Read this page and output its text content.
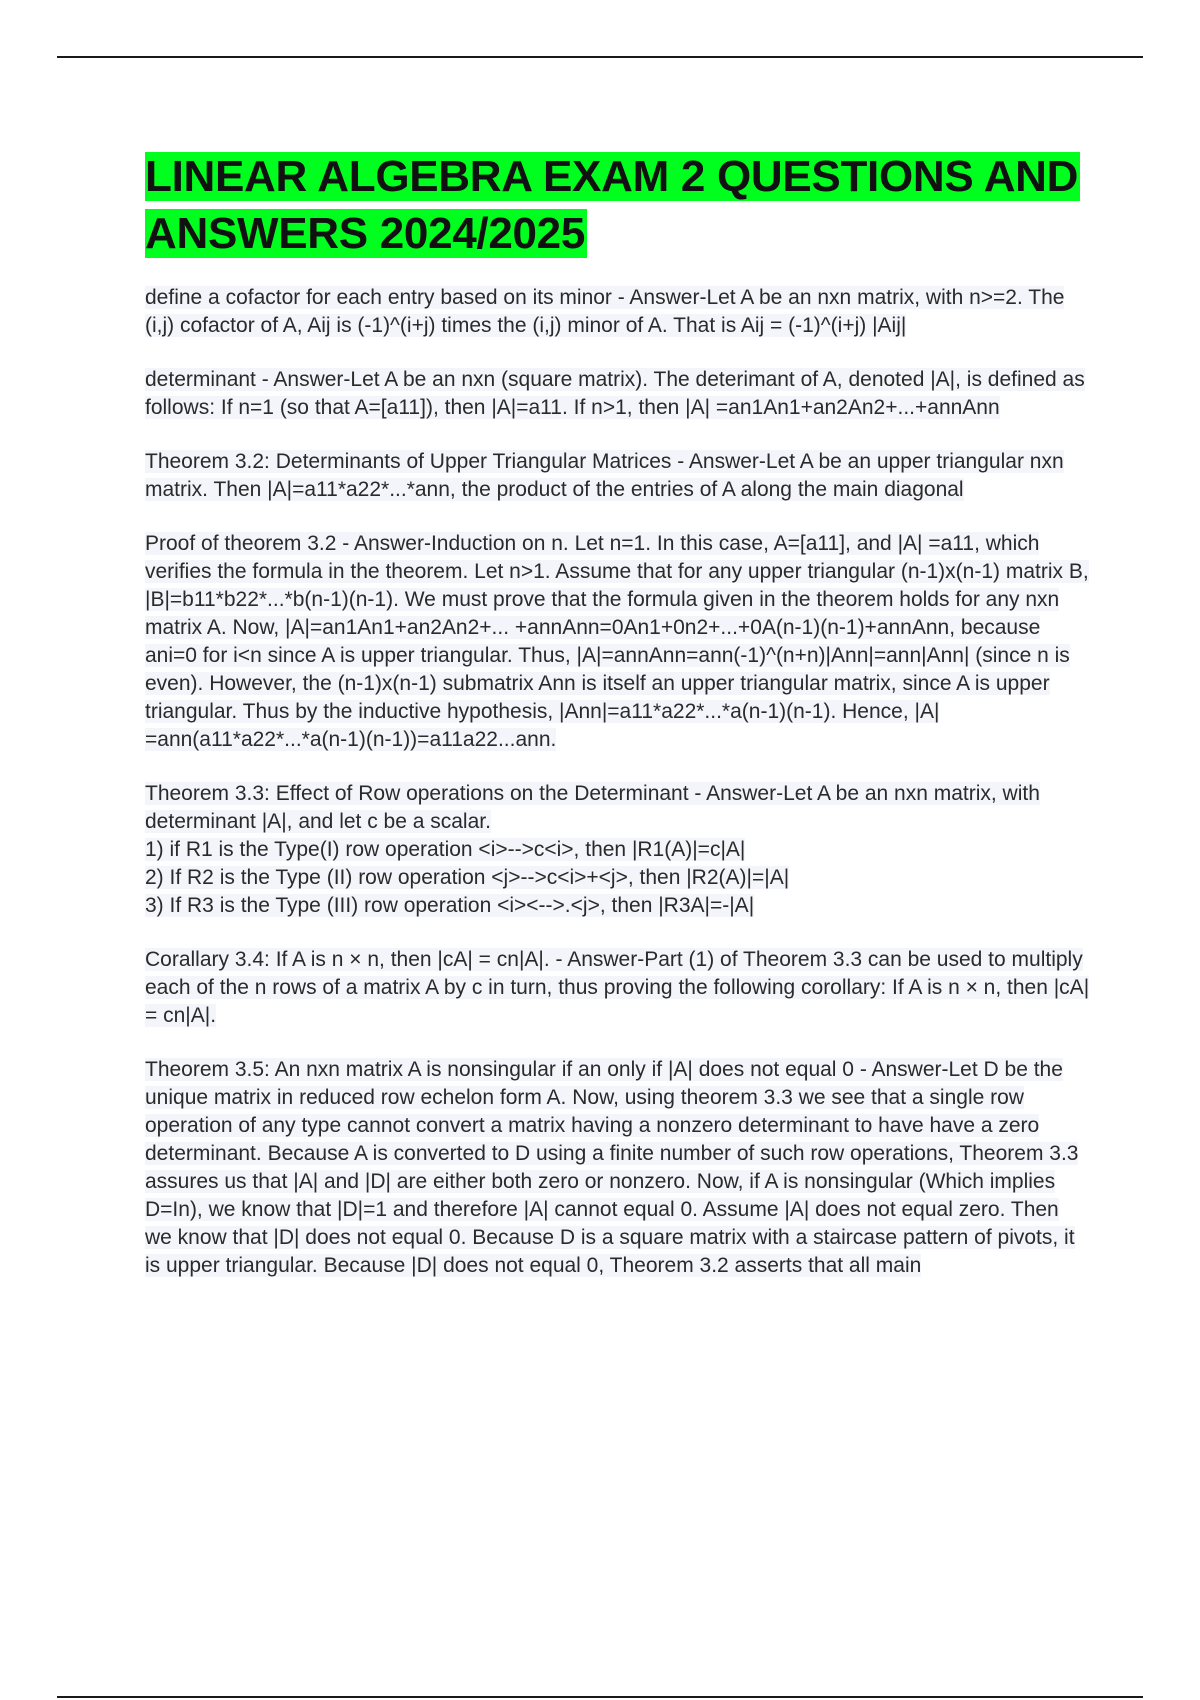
LINEAR ALGEBRA EXAM 2 QUESTIONS AND ANSWERS 2024/2025

define a cofactor for each entry based on its minor - Answer-Let A be an nxn matrix, with n>=2. The (i,j) cofactor of A, Aij is (-1)^(i+j) times the (i,j) minor of A. That is Aij = (-1)^(i+j) |Aij|

determinant - Answer-Let A be an nxn (square matrix). The deterimant of A, denoted |A|, is defined as follows: If n=1 (so that A=[a11]), then |A|=a11. If n>1, then |A| =an1An1+an2An2+...+annAnn

Theorem 3.2: Determinants of Upper Triangular Matrices - Answer-Let A be an upper triangular nxn matrix. Then |A|=a11*a22*...*ann, the product of the entries of A along the main diagonal

Proof of theorem 3.2 - Answer-Induction on n. Let n=1. In this case, A=[a11], and |A| =a11, which verifies the formula in the theorem. Let n>1. Assume that for any upper triangular (n-1)x(n-1) matrix B, |B|=b11*b22*...*b(n-1)(n-1). We must prove that the formula given in the theorem holds for any nxn matrix A. Now, |A|=an1An1+an2An2+... +annAnn=0An1+0n2+...+0A(n-1)(n-1)+annAnn, because ani=0 for i<n since A is upper triangular. Thus, |A|=annAnn=ann(-1)^(n+n)|Ann|=ann|Ann| (since n is even). However, the (n-1)x(n-1) submatrix Ann is itself an upper triangular matrix, since A is upper triangular. Thus by the inductive hypothesis, |Ann|=a11*a22*...*a(n-1)(n-1). Hence, |A| =ann(a11*a22*...*a(n-1)(n-1))=a11a22...ann.

Theorem 3.3: Effect of Row operations on the Determinant - Answer-Let A be an nxn matrix, with determinant |A|, and let c be a scalar.
1) if R1 is the Type(I) row operation <i>-->c<i>, then |R1(A)|=c|A|
2) If R2 is the Type (II) row operation <j>-->c<i>+<j>, then |R2(A)|=|A|
3) If R3 is the Type (III) row operation <i><-->.<j>, then |R3A|=-|A|

Corallary 3.4: If A is n × n, then |cA| = cn|A|. - Answer-Part (1) of Theorem 3.3 can be used to multiply each of the n rows of a matrix A by c in turn, thus proving the following corollary: If A is n × n, then |cA| = cn|A|.

Theorem 3.5: An nxn matrix A is nonsingular if an only if |A| does not equal 0 - Answer-Let D be the unique matrix in reduced row echelon form A. Now, using theorem 3.3 we see that a single row operation of any type cannot convert a matrix having a nonzero determinant to have have a zero determinant. Because A is converted to D using a finite number of such row operations, Theorem 3.3 assures us that |A| and |D| are either both zero or nonzero. Now, if A is nonsingular (Which implies D=In), we know that |D|=1 and therefore |A| cannot equal 0. Assume |A| does not equal zero. Then we know that |D| does not equal 0. Because D is a square matrix with a staircase pattern of pivots, it is upper triangular. Because |D| does not equal 0, Theorem 3.2 asserts that all main
